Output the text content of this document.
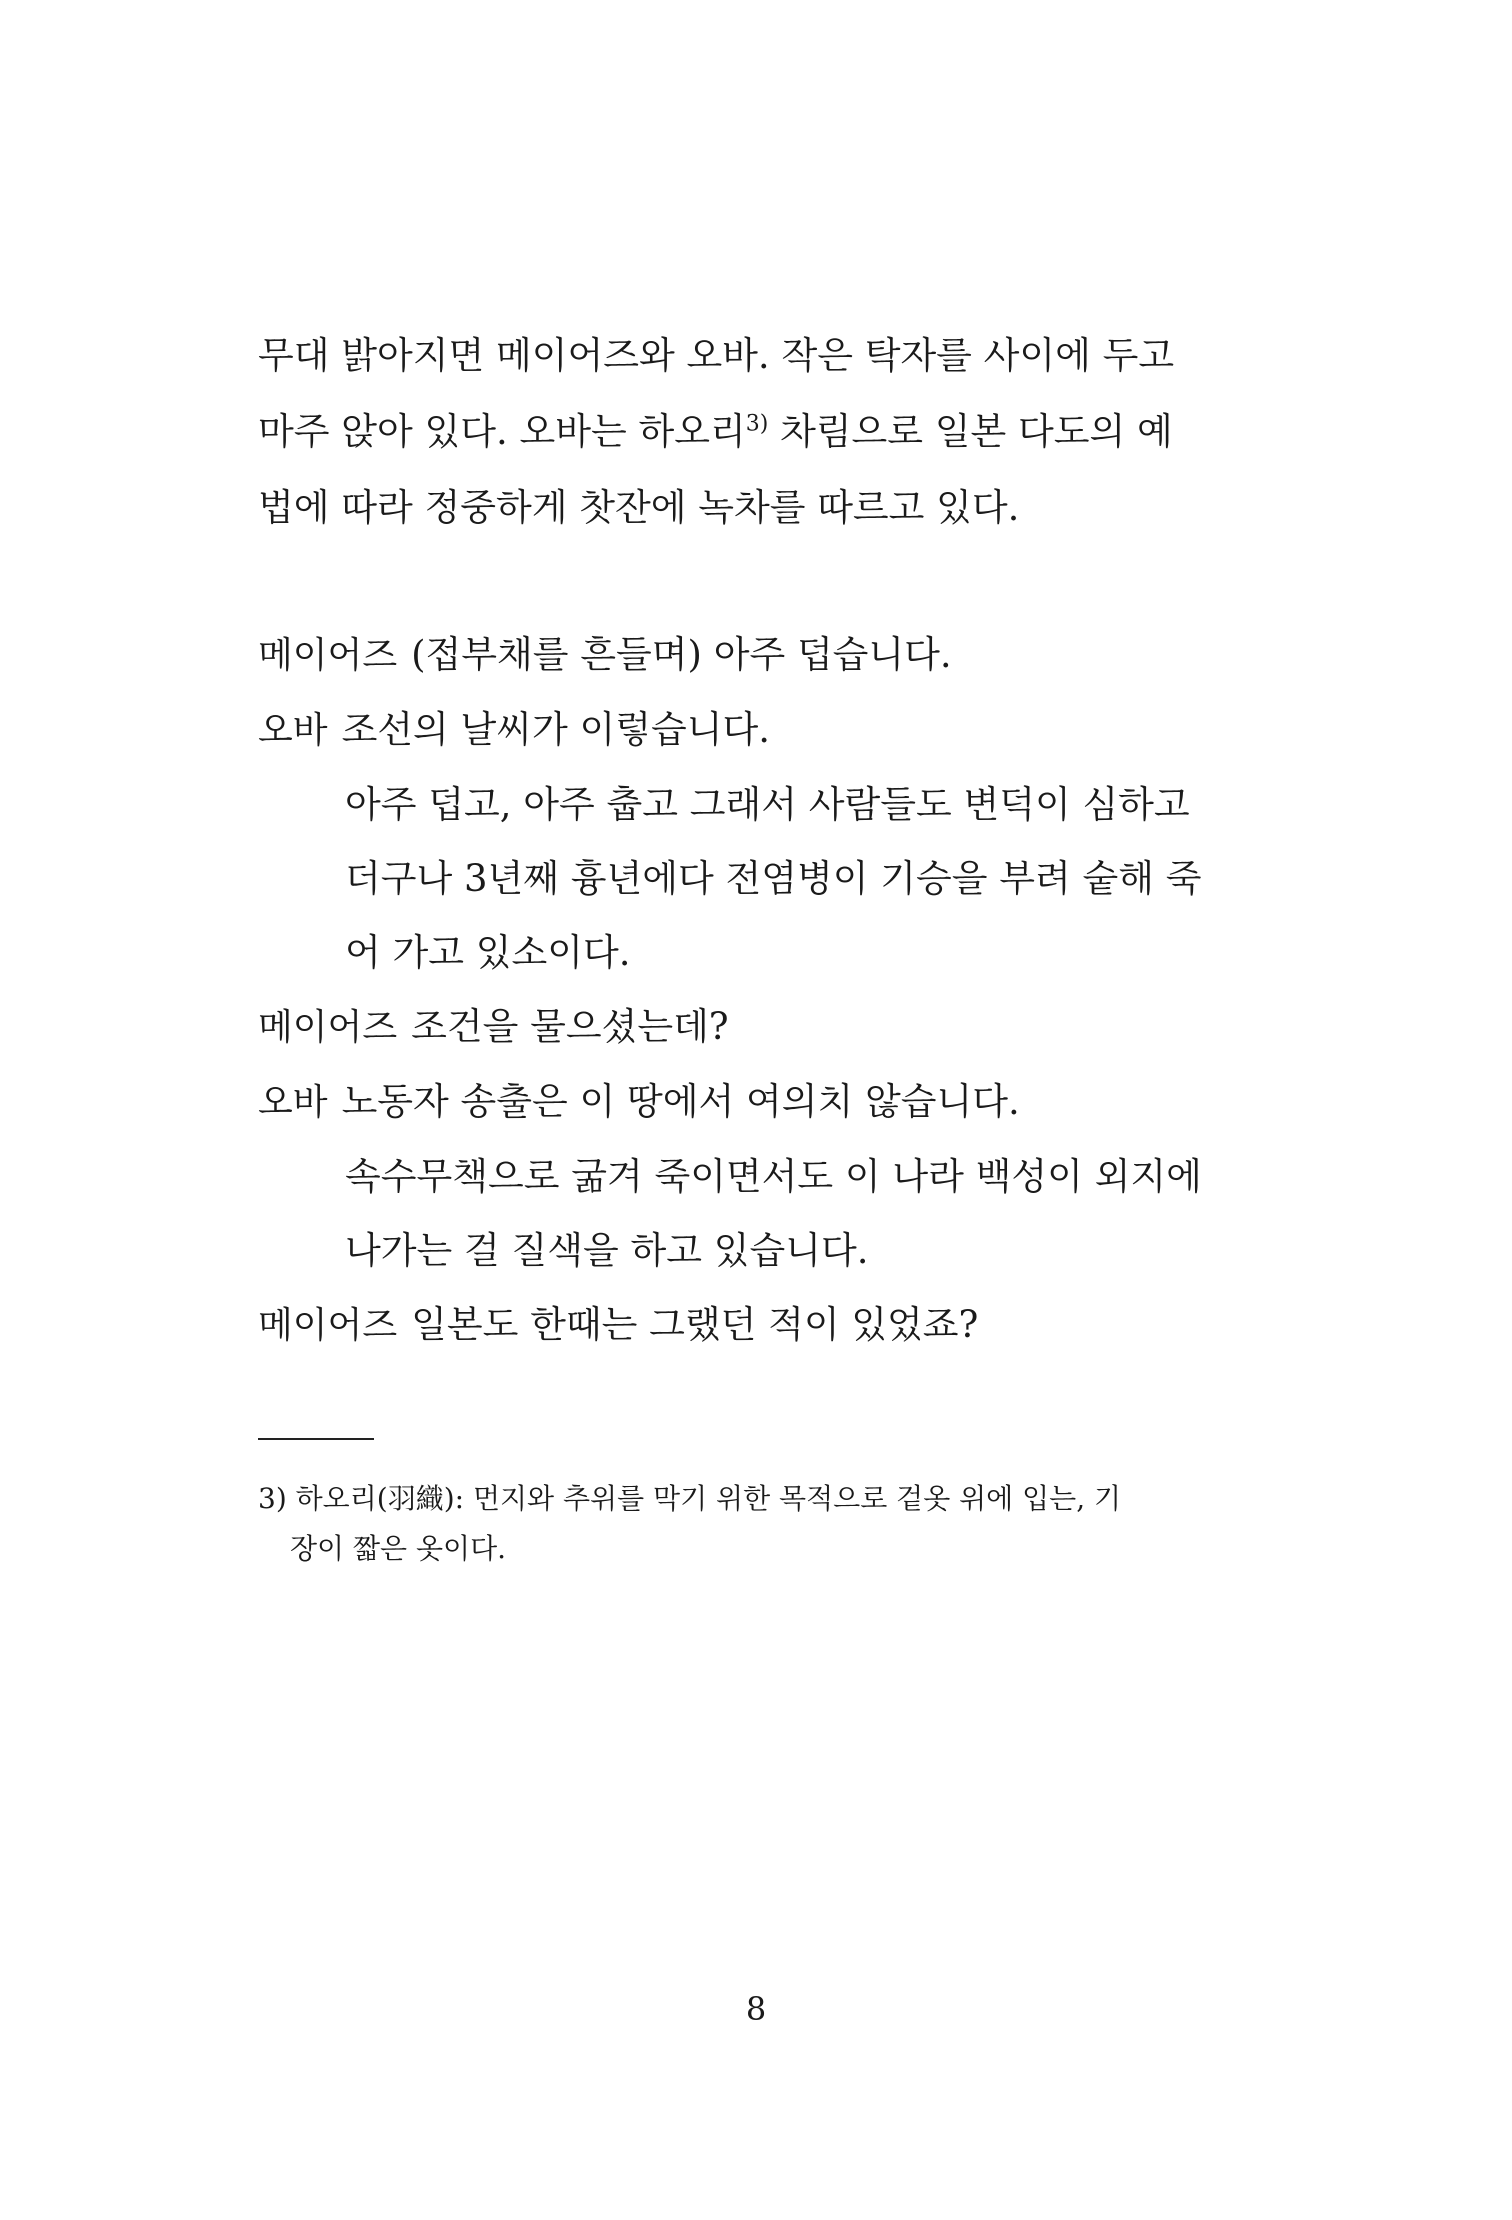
무대 밝아지면 메이어즈와 오바. 작은 탁자를 사이에 두고
마주 앉아 있다. 오바는 하오리$^{3)}$ 차림으로 일본 다도의 예
법에 따라 정중하게 찻잔에 녹차를 따르고 있다.
메이어즈 (접부채를 흔들며) 아주 덥습니다.
오바 조선의 날씨가 이렇습니다.
아주 덥고, 아주 춥고 그래서 사람들도 변덕이 심하고
더구나 3년째 흉년에다 전염병이 기승을 부려 숱해 죽
어 가고 있소이다.
메이어즈 조건을 물으셨는데?
오바 노동자 송출은 이 땅에서 여의치 않습니다.
속수무책으로 굶겨 죽이면서도 이 나라 백성이 외지에
나가는 걸 질색을 하고 있습니다.
메이어즈 일본도 한때는 그랬던 적이 있었죠?
3) 하오리(羽織): 먼지와 추위를 막기 위한 목적으로 겉옷 위에 입는, 기
장이 짧은 옷이다.
8
